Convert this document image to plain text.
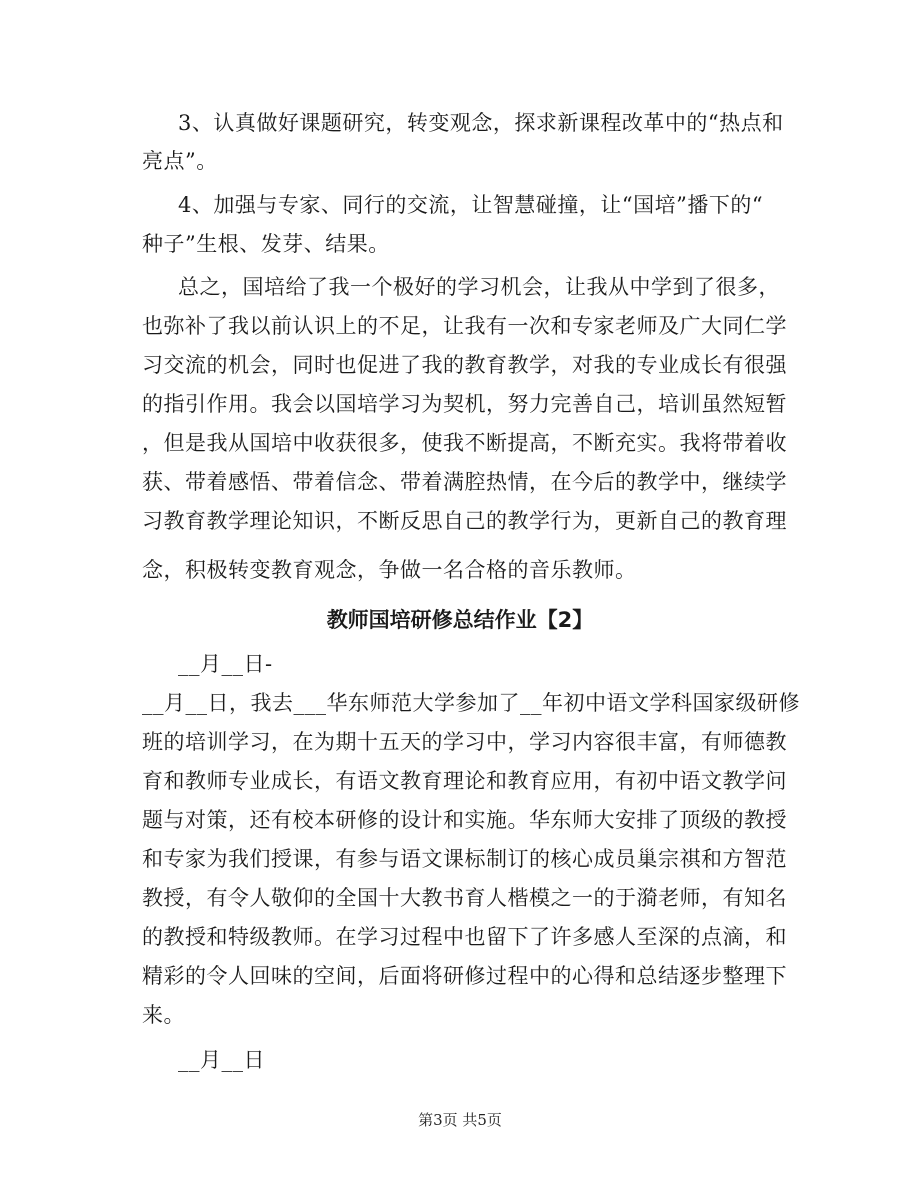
3、认真做好课题研究，转变观念，探求新课程改革中的“热点和
亮点”。
4、加强与专家、同行的交流，让智慧碰撞，让“国培”播下的“
种子”生根、发芽、结果。
总之，国培给了我一个极好的学习机会，让我从中学到了很多，
也弥补了我以前认识上的不足，让我有一次和专家老师及广大同仁学
习交流的机会，同时也促进了我的教育教学，对我的专业成长有很强
的指引作用。我会以国培学习为契机，努力完善自己，培训虽然短暂
，但是我从国培中收获很多，使我不断提高，不断充实。我将带着收
获、带着感悟、带着信念、带着满腔热情，在今后的教学中，继续学
习教育教学理论知识，不断反思自己的教学行为，更新自己的教育理
念，积极转变教育观念，争做一名合格的音乐教师。
教师国培研修总结作业【2】
__月__日-
__月__日，我去___华东师范大学参加了__年初中语文学科国家级研修
班的培训学习，在为期十五天的学习中，学习内容很丰富，有师德教
育和教师专业成长，有语文教育理论和教育应用，有初中语文教学问
题与对策，还有校本研修的设计和实施。华东师大安排了顶级的教授
和专家为我们授课，有参与语文课标制订的核心成员巢宗祺和方智范
教授，有令人敬仰的全国十大教书育人楷模之一的于漪老师，有知名
的教授和特级教师。在学习过程中也留下了许多感人至深的点滴，和
精彩的令人回味的空间，后面将研修过程中的心得和总结逐步整理下
来。
__月__日
第3页 共5页
